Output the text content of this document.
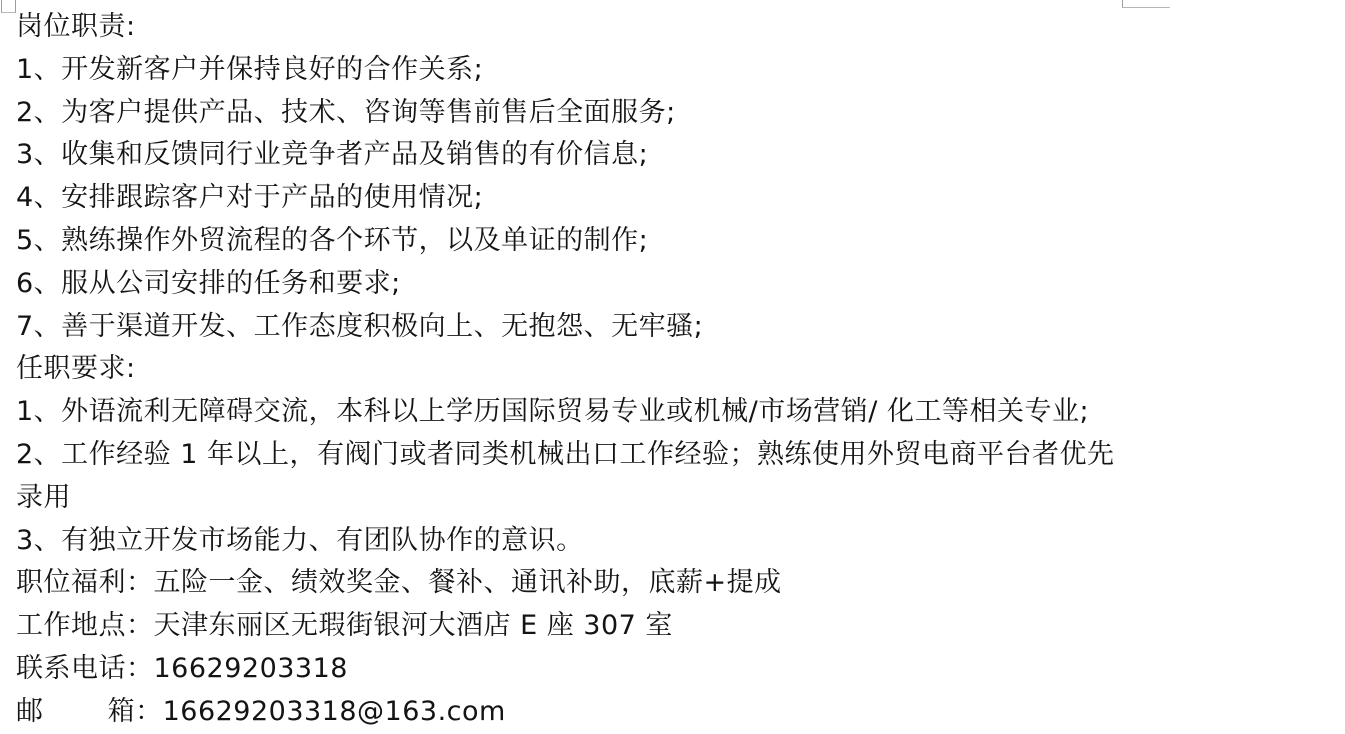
岗位职责:
1、开发新客户并保持良好的合作关系;
2、为客户提供产品、技术、咨询等售前售后全面服务;
3、收集和反馈同行业竞争者产品及销售的有价信息;
4、安排跟踪客户对于产品的使用情况;
5、熟练操作外贸流程的各个环节，以及单证的制作;
6、服从公司安排的任务和要求;
7、善于渠道开发、工作态度积极向上、无抱怨、无牢骚;
任职要求:
1、外语流利无障碍交流，本科以上学历国际贸易专业或机械/市场营销/ 化工等相关专业;
2、工作经验 1 年以上，有阀门或者同类机械出口工作经验；熟练使用外贸电商平台者优先
录用
3、有独立开发市场能力、有团队协作的意识。
职位福利：五险一金、绩效奖金、餐补、通讯补助，底薪+提成
工作地点：天津东丽区无瑕街银河大酒店 E 座 307 室
联系电话：16629203318
邮　　 箱：16629203318@163.com
